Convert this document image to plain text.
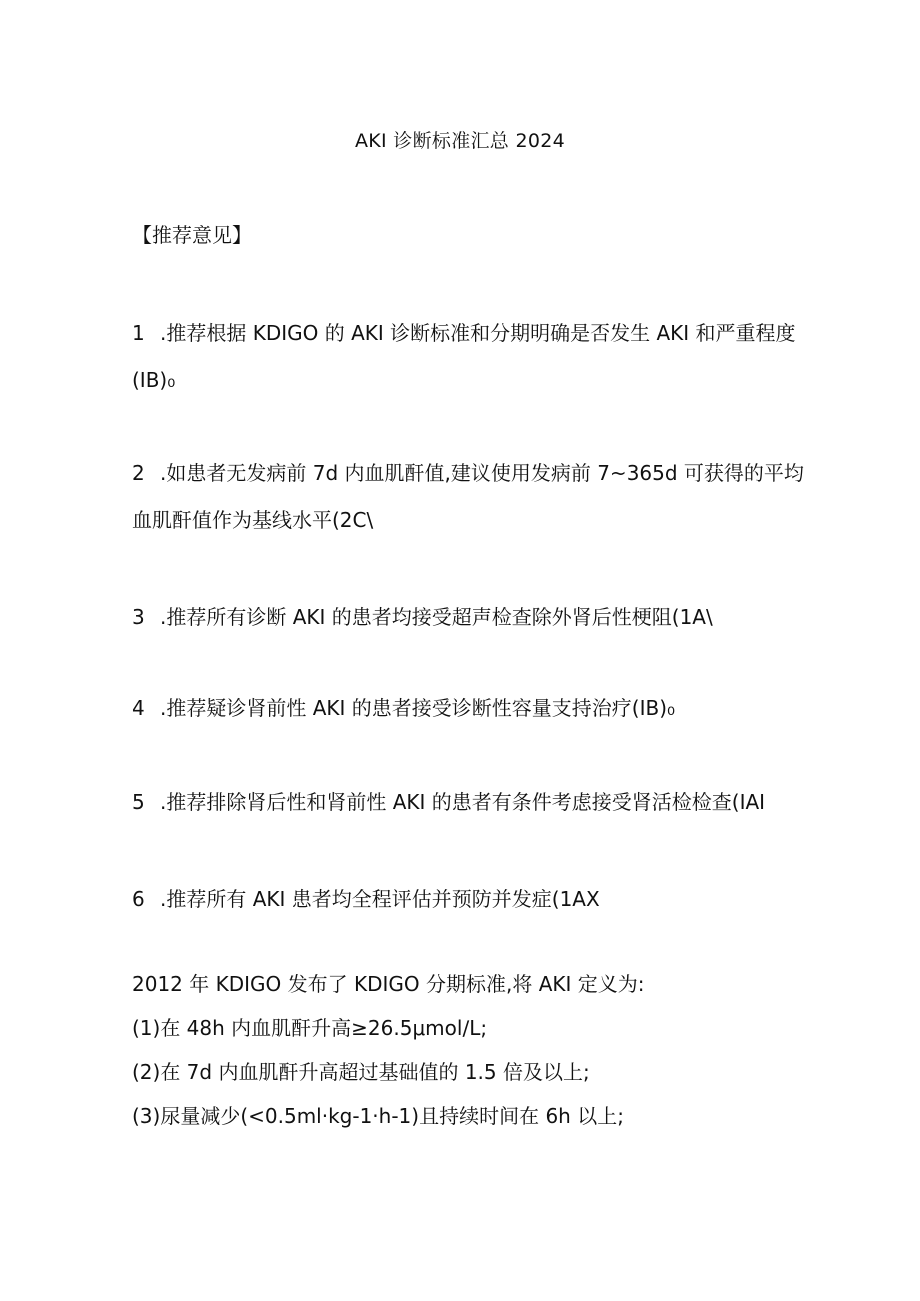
AKI 诊断标准汇总 2024
【推荐意见】
1 .推荐根据 KDIGO 的 AKI 诊断标准和分期明确是否发生 AKI 和严重程度
(IB)₀
2 .如患者无发病前 7d 内血肌酐值,建议使用发病前 7~365d 可获得的平均
血肌酐值作为基线水平(2C\
3 .推荐所有诊断 AKI 的患者均接受超声检查除外肾后性梗阻(1A\
4 .推荐疑诊肾前性 AKI 的患者接受诊断性容量支持治疗(IB)₀
5 .推荐排除肾后性和肾前性 AKI 的患者有条件考虑接受肾活检检查(IAI
6 .推荐所有 AKI 患者均全程评估并预防并发症(1AX
2012 年 KDIGO 发布了 KDIGO 分期标准,将 AKI 定义为:
(1)在 48h 内血肌酐升高≥26.5μmol∕L;
(2)在 7d 内血肌酐升高超过基础值的 1.5 倍及以上;
(3)尿量减少(<0.5ml·kg-1·h-1)且持续时间在 6h 以上;
